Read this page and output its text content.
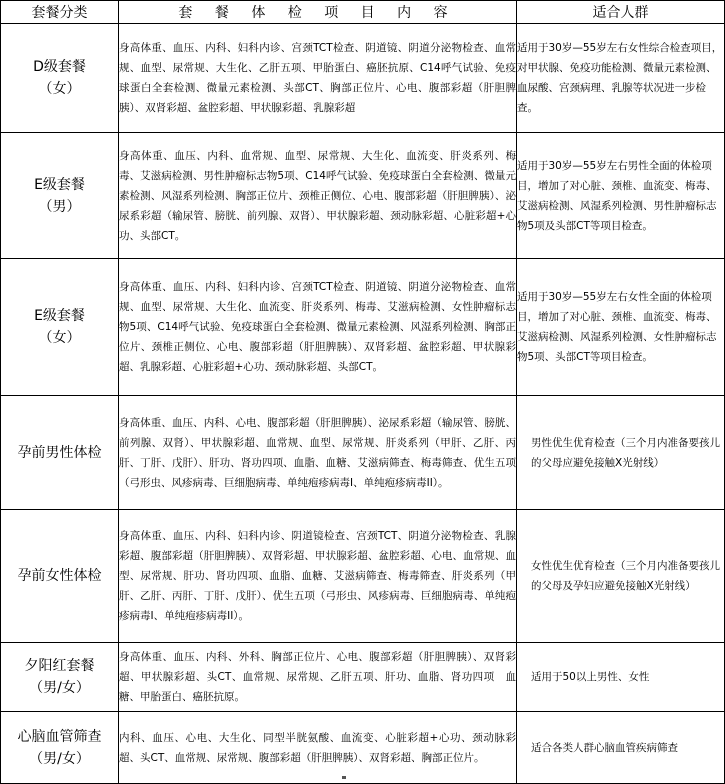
套餐分类	套 餐 体 检 项 目 内 容	适合人群

D级套餐
（女）	身高体重、血压、内科、妇科内诊、宫颈TCT检查、阴道镜、阴道分泌物检查、血常规、血型、尿常规、大生化、乙肝五项、甲胎蛋白、癌胚抗原、C14呼气试验、免疫球蛋白全套检测、微量元素检测、头部CT、胸部正位片、心电、腹部彩超（肝胆脾胰）、双肾彩超、盆腔彩超、甲状腺彩超、乳腺彩超	适用于30岁—55岁左右女性综合检查项目，对甲状腺、免疫功能检测、微量元素检测、血尿酸、宫颈病理、乳腺等状况进一步检查。

E级套餐
（男）	身高体重、血压、内科、血常规、血型、尿常规、大生化、血流变、肝炎系列、梅毒、艾滋病检测、男性肿瘤标志物5项、C14呼气试验、免疫球蛋白全套检测、微量元素检测、风湿系列检测、胸部正位片、颈椎正侧位、心电、腹部彩超（肝胆脾胰）、泌尿系彩超（输尿管、膀胱、前列腺、双肾）、甲状腺彩超、颈动脉彩超、心脏彩超+心功、头部CT。	适用于30岁—55岁左右男性全面的体检项目，增加了对心脏、颈椎、血流变、梅毒、艾滋病检测、风湿系列检测、男性肿瘤标志物5项及头部CT等项目检查。

E级套餐
（女）	身高体重、血压、内科、妇科内诊、宫颈TCT检查、阴道镜、阴道分泌物检查、血常规、血型、尿常规、大生化、血流变、肝炎系列、梅毒、艾滋病检测、女性肿瘤标志物5项、C14呼气试验、免疫球蛋白全套检测、微量元素检测、风湿系列检测、胸部正位片、颈椎正侧位、心电、腹部彩超（肝胆脾胰）、双肾彩超、盆腔彩超、甲状腺彩超、乳腺彩超、心脏彩超+心功、颈动脉彩超、头部CT。	适用于30岁—55岁左右女性全面的体检项目，增加了对心脏、颈椎、血流变、梅毒、艾滋病检测、风湿系列检测、女性肿瘤标志物5项、头部CT等项目检查。

孕前男性体检	身高体重、血压、内科、心电、腹部彩超（肝胆脾胰）、泌尿系彩超（输尿管、膀胱、前列腺、双肾）、甲状腺彩超、血常规、血型、尿常规、肝炎系列（甲肝、乙肝、丙肝、丁肝、戊肝）、肝功、肾功四项、血脂、血糖、艾滋病筛查、梅毒筛查、优生五项（弓形虫、风疹病毒、巨细胞病毒、单纯疱疹病毒I、单纯疱疹病毒II）。	男性优生优育检查（三个月内准备要孩儿的父母应避免接触X光射线）

孕前女性体检	身高体重、血压、内科、妇科内诊、阴道镜检查、宫颈TCT、阴道分泌物检查、乳腺彩超、腹部彩超（肝胆脾胰）、双肾彩超、甲状腺彩超、盆腔彩超、心电、血常规、血型、尿常规、肝功、肾功四项、血脂、血糖、艾滋病筛查、梅毒筛查、肝炎系列（甲肝、乙肝、丙肝、丁肝、戊肝）、优生五项（弓形虫、风疹病毒、巨细胞病毒、单纯疱疹病毒I、单纯疱疹病毒II）。	女性优生优育检查（三个月内准备要孩儿的父母及孕妇应避免接触X光射线）

夕阳红套餐
（男/女）	身高体重、血压、内科、外科、胸部正位片、心电、腹部彩超（肝胆脾胰）、双肾彩超、甲状腺彩超、头CT、血常规、尿常规、乙肝五项、肝功、血脂、肾功四项　血糖、甲胎蛋白、癌胚抗原。	适用于50以上男性、女性

心脑血管筛查
（男/女）	内科、血压、心电、大生化、同型半胱氨酸、血流变、心脏彩超+心功、颈动脉彩超、头CT、血常规、尿常规、腹部彩超（肝胆脾胰）、双肾彩超、胸部正位片。	适合各类人群心脑血管疾病筛查
